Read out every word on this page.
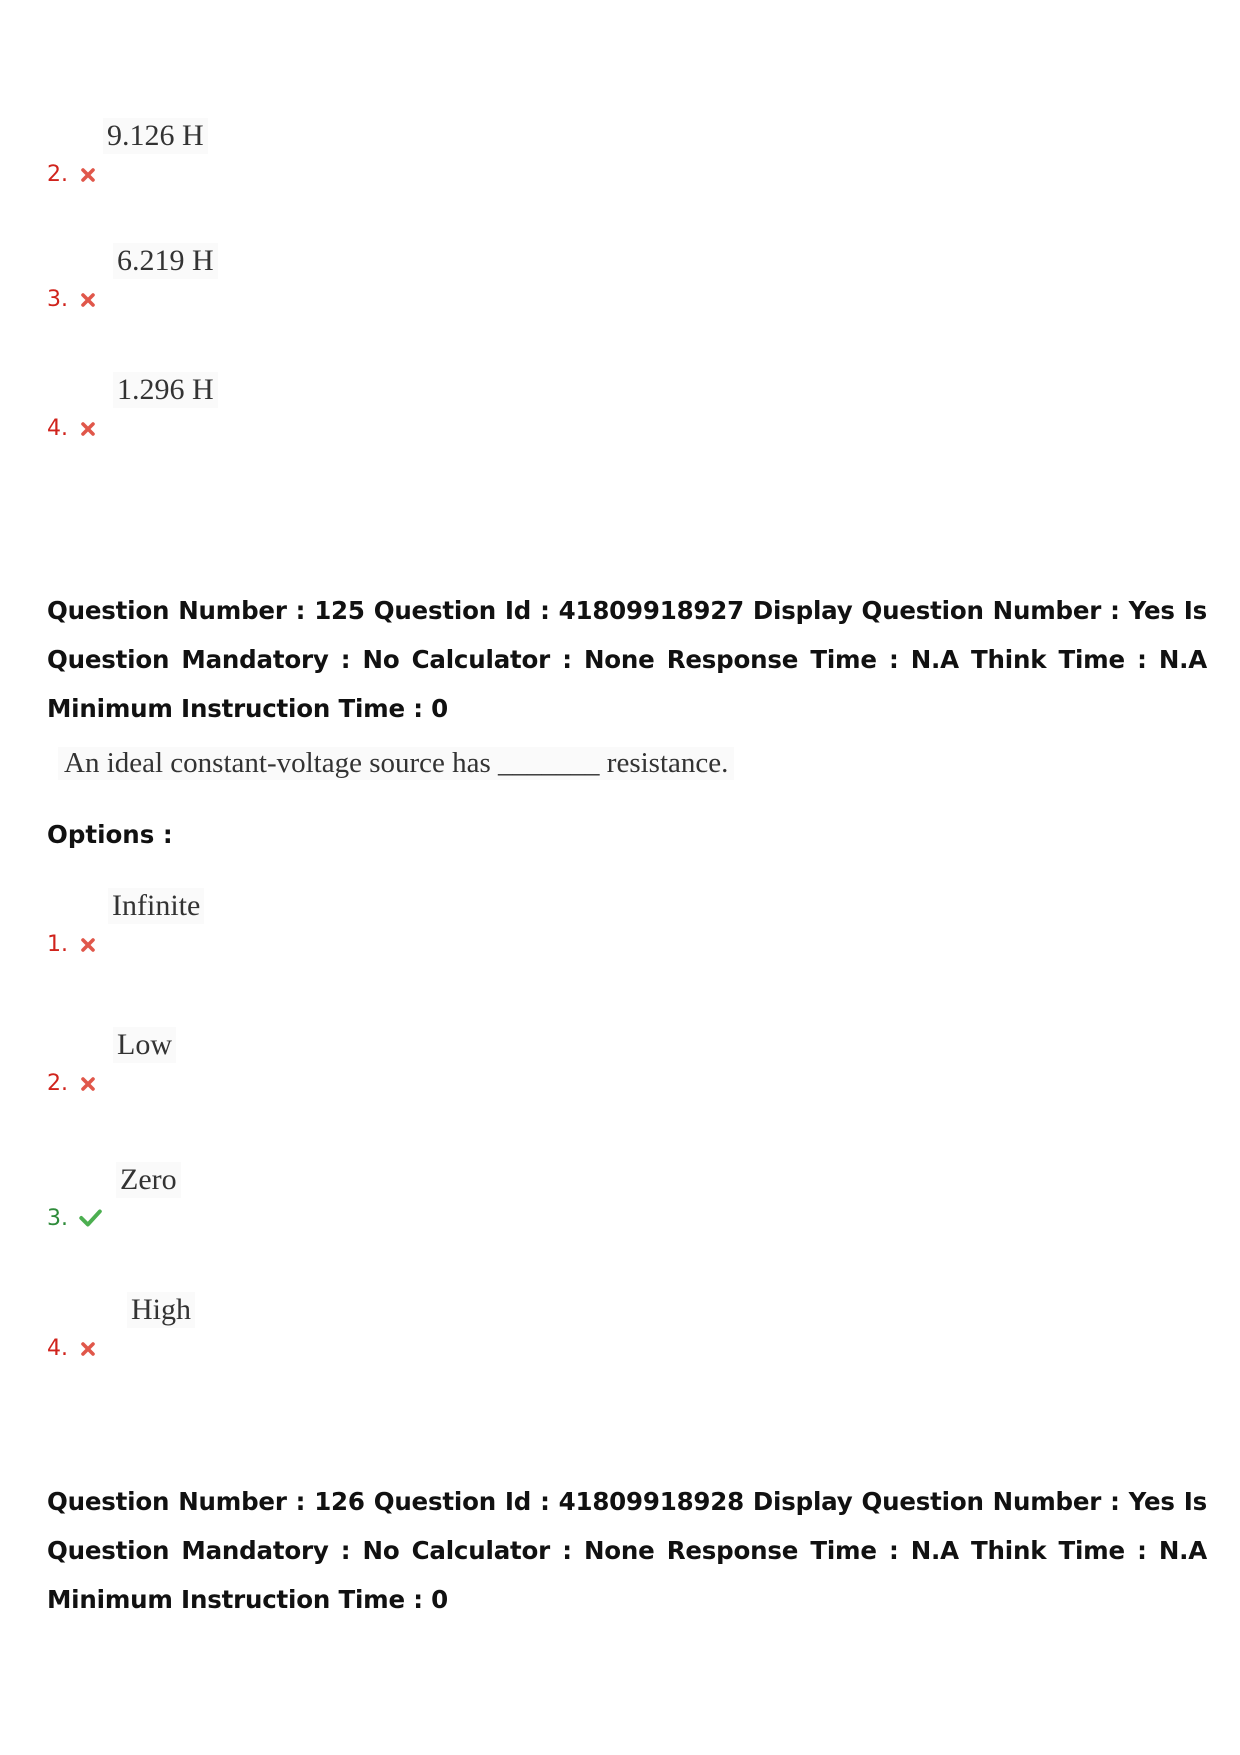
9.126 H
2.
6.219 H
3.
1.296 H
4.
Question Number : 125 Question Id : 41809918927 Display Question Number : Yes Is Question Mandatory : No Calculator : None Response Time : N.A Think Time : N.A Minimum Instruction Time : 0
An ideal constant-voltage source has _______ resistance.
Options :
Infinite
1.
Low
2.
Zero
3.
High
4.
Question Number : 126 Question Id : 41809918928 Display Question Number : Yes Is Question Mandatory : No Calculator : None Response Time : N.A Think Time : N.A Minimum Instruction Time : 0
